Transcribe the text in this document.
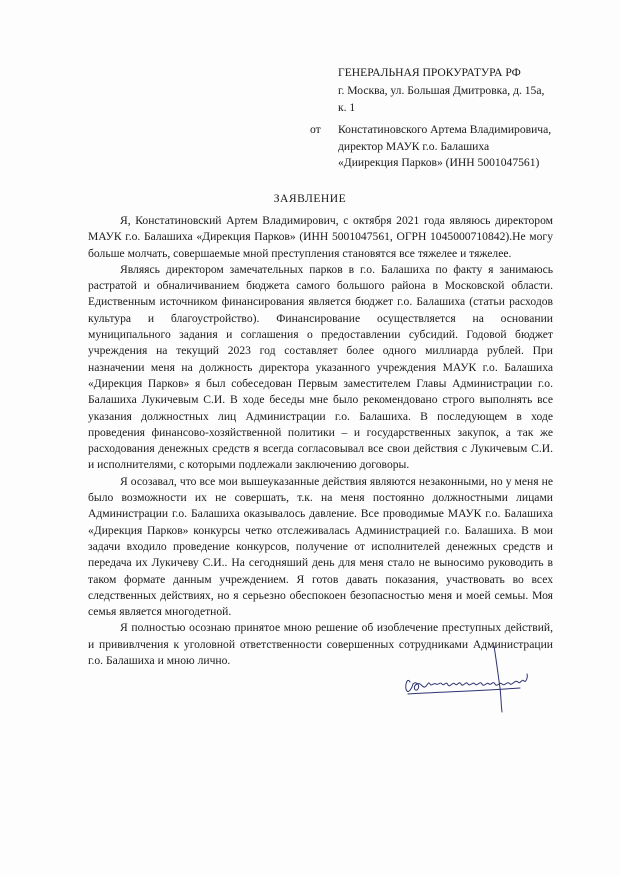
ГЕНЕРАЛЬНАЯ ПРОКУРАТУРА РФ
г. Москва, ул. Большая Дмитровка, д. 15а,
к. 1
от Констатиновского Артема Владимировича,
директор МАУК г.о. Балашиха
«Диирекция Парков» (ИНН 5001047561)
ЗАЯВЛЕНИЕ

Я, Констатиновский Артем Владимирович, с октября 2021 года являюсь директором МАУК г.о. Балашиха «Дирекция Парков» (ИНН 5001047561, ОГРН 1045000710842).Не могу больше молчать, совершаемые мной преступления становятся все тяжелее и тяжелее.

Являясь директором замечательных парков в г.о. Балашиха по факту я занимаюсь растратой и обналичиванием бюджета самого большого района в Московской области. Едиственным источником финансирования является бюджет г.о. Балашиха (статьи расходов культура и благоустройство). Финансирование осуществляется на основании муниципального задания и соглашения о предоставлении субсидий. Годовой бюджет учреждения на текущий 2023 год составляет более одного миллиарда рублей. При назначении меня на должность директора указанного учреждения МАУК г.о. Балашиха «Дирекция Парков» я был собеседован Первым заместителем Главы Администрации г.о. Балашиха Лукичевым С.И. В ходе беседы мне было рекомендовано строго выполнять все указания должностных лиц Администрации г.о. Балашиха. В последующем в ходе проведения финансово-хозяйственной политики – и государственных закупок, а так же расходования денежных средств я всегда согласовывал все свои действия с Лукичевым С.И. и исполнителями, с которыми подлежали заключению договоры.

Я осозавал, что все мои вышеуказанные действия являются незаконными, но у меня не было возможности их не совершать, т.к. на меня постоянно должностными лицами Администрации г.о. Балашиха оказывалось давление. Все проводимые МАУК г.о. Балашиха «Дирекция Парков» конкурсы четко отслеживалась Администрацией г.о. Балашиха. В мои задачи входило проведение конкурсов, получение от исполнителей денежных средств и передача их Лукичеву С.И.. На сегодняший день для меня стало не выносимо руководить в таком формате данным учреждением. Я готов давать показания, участвовать во всех следственных действиях, но я серьезно обеспокоен безопасностью меня и моей семьы. Моя семья является многодетной.

Я полностью осознаю принятое мною решение об изоблечение преступных действий, и прививлчения к уголовной ответственности совершенных сотрудниками Администрации г.о. Балашиха и мною лично.
